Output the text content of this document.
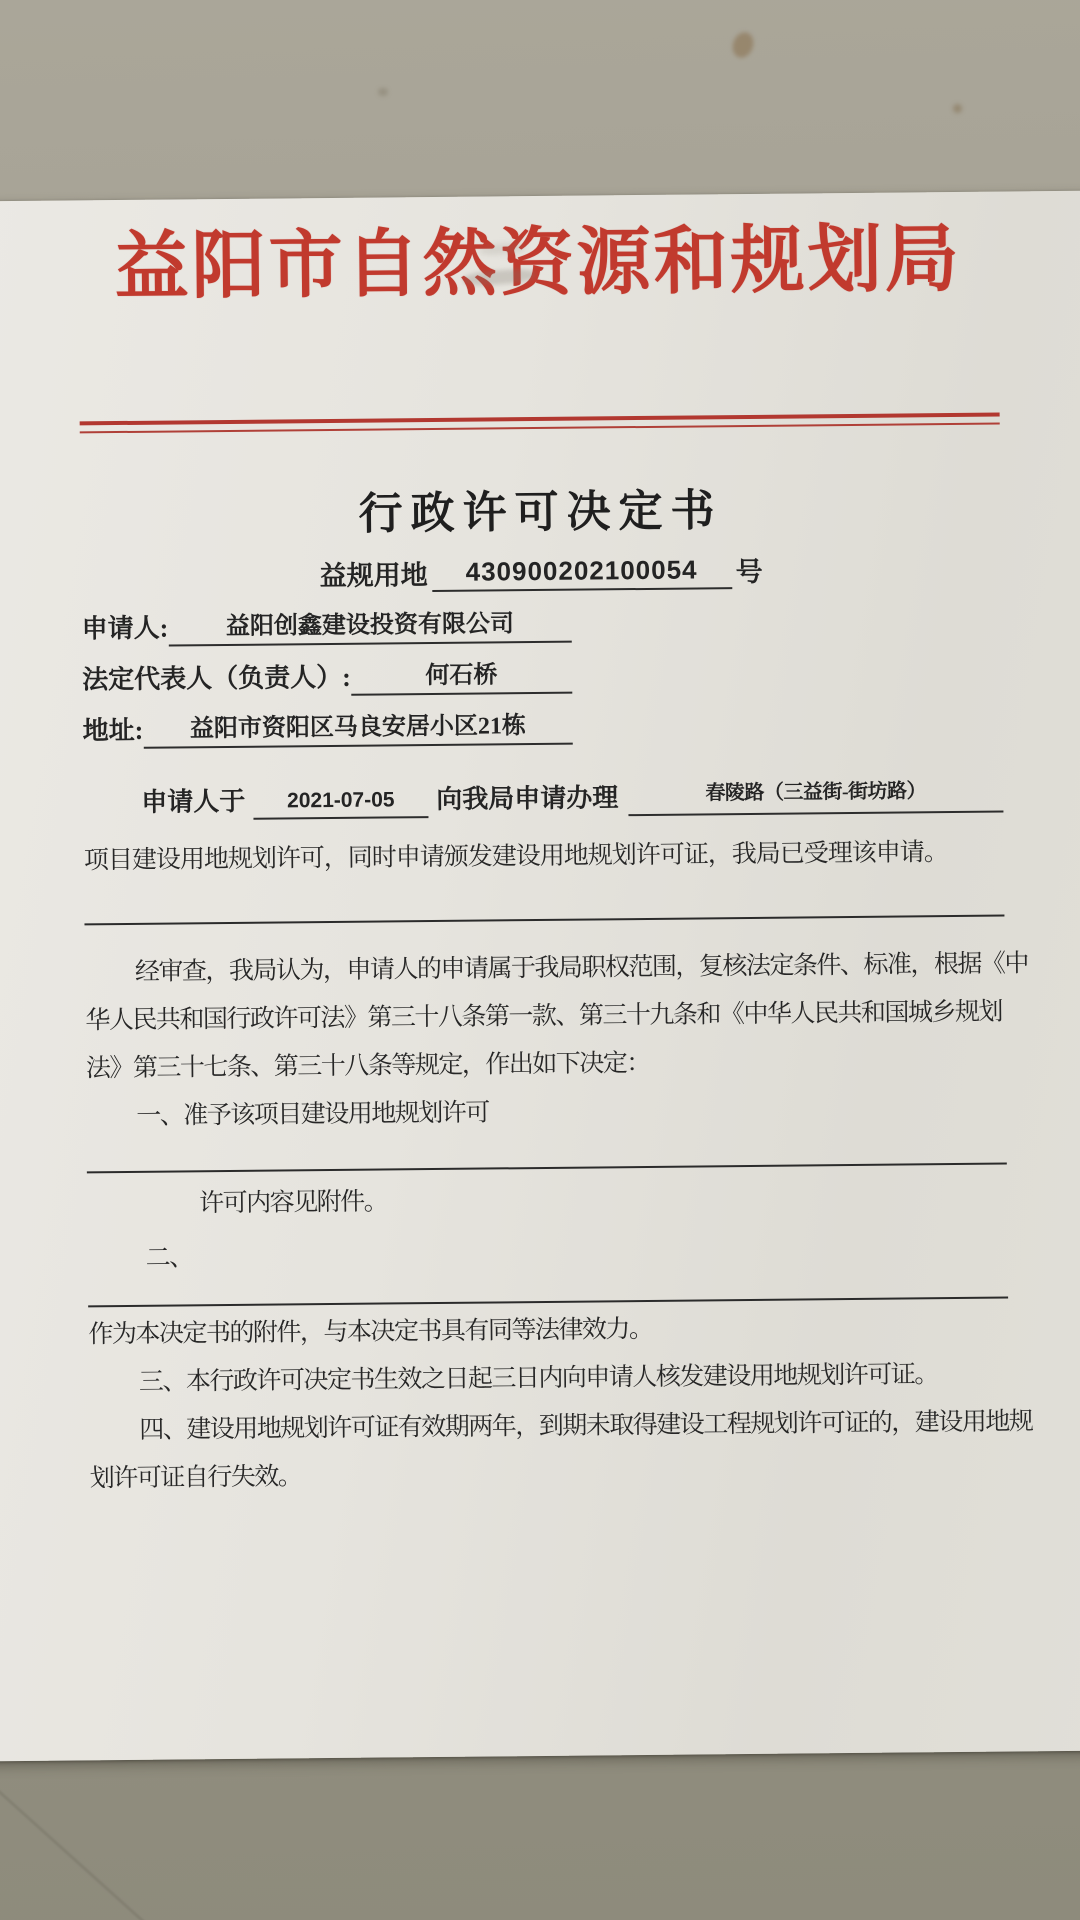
益阳市自然资源和规划局
行政许可决定书
益规用地	430900202100054	号
申请人:	益阳创鑫建设投资有限公司
法定代表人（负责人）:	何石桥
地址:	益阳市资阳区马良安居小区21栋
申请人于	2021-07-05	向我局申请办理	春陵路（三益街-街坊路）
项目建设用地规划许可，同时申请颁发建设用地规划许可证，我局已受理该申请。
经审查，我局认为，申请人的申请属于我局职权范围，复核法定条件、标准，根据《中
华人民共和国行政许可法》第三十八条第一款、第三十九条和《中华人民共和国城乡规划
法》第三十七条、第三十八条等规定，作出如下决定：
一、准予该项目建设用地规划许可
许可内容见附件。
二、
作为本决定书的附件，与本决定书具有同等法律效力。
三、本行政许可决定书生效之日起三日内向申请人核发建设用地规划许可证。
四、建设用地规划许可证有效期两年，到期未取得建设工程规划许可证的，建设用地规
划许可证自行失效。
